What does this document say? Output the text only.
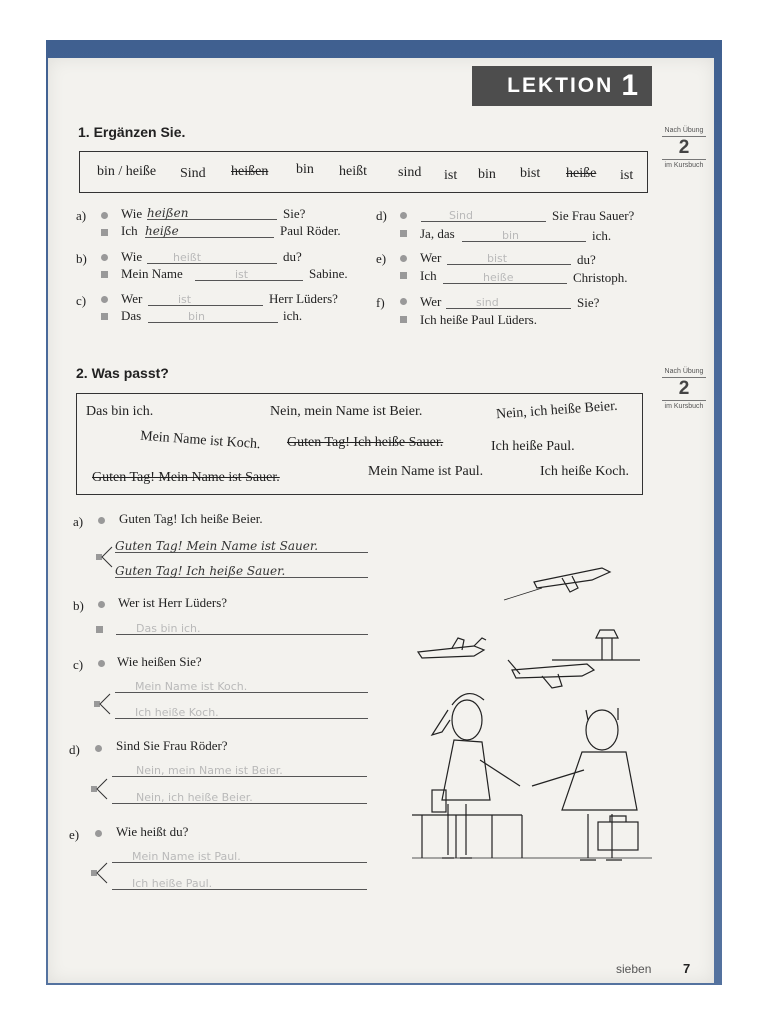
LEKTION 1
1. Ergänzen Sie.	Nach Übung
2
im Kursbuch
bin / heiße Sind heißen bin heißt sind ist bin bist heiße ist
a)	Wie heißen	Sie?
Ich heiße	Paul Röder.
b)	Wie	heißt	du?
Mein Name	ist	Sabine.
c)	Wer	ist	Herr Lüders?
Das	bin	ich.
d)	Sind	Sie Frau Sauer?
Ja, das	bin	ich.
e)	Wer	bist	du?
Ich	heiße	Christoph.
f)	Wer	sind	Sie?
Ich heiße Paul Lüders.
2. Was passt?	Nach Übung
2
im Kursbuch
Das bin ich.	Nein, mein Name ist Beier.	Nein, ich heiße Beier.
Mein Name ist Koch. Guten Tag! Ich heiße Sauer.	Ich heiße Paul.
Guten Tag! Mein Name ist Sauer.	Mein Name ist Paul.	Ich heiße Koch.
a)	Guten Tag! Ich heiße Beier.
Guten Tag! Mein Name ist Sauer.
Guten Tag! Ich heiße Sauer.
b)	Wer ist Herr Lüders?
Das bin ich.
c)	Wie heißen Sie?
Mein Name ist Koch.
Ich heiße Koch.
d)	Sind Sie Frau Röder?
Nein, mein Name ist Beier.
Nein, ich heiße Beier.
e)	Wie heißt du?
Mein Name ist Paul.
Ich heiße Paul.
sieben 7
